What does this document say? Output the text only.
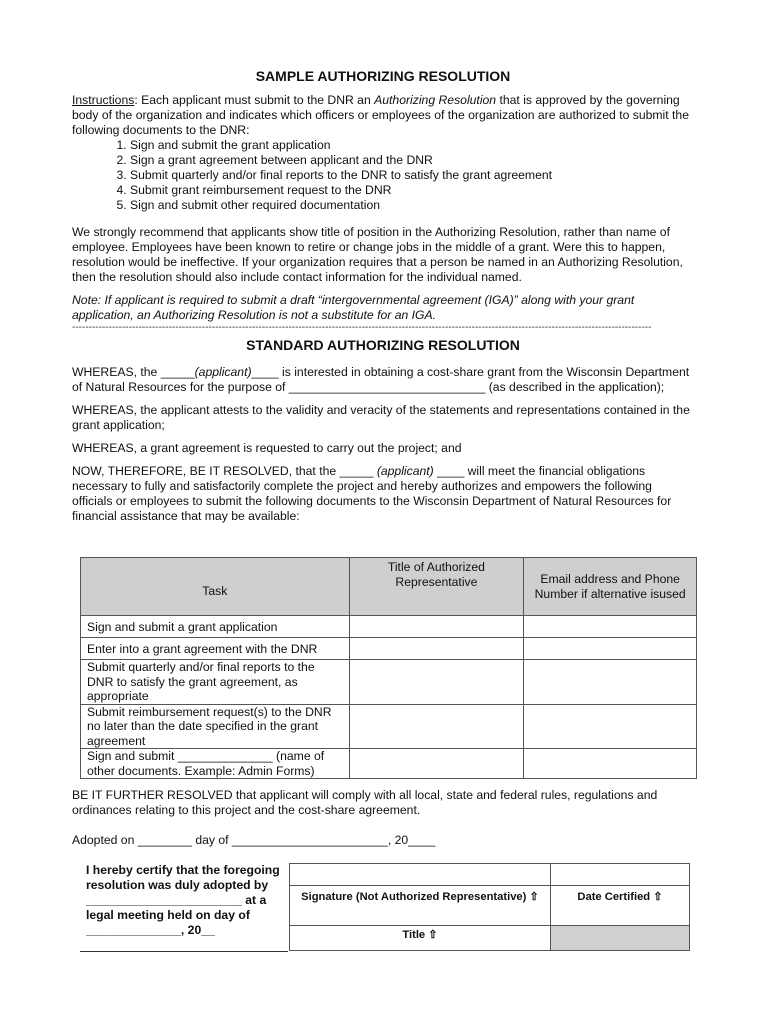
SAMPLE AUTHORIZING RESOLUTION

Instructions: Each applicant must submit to the DNR an Authorizing Resolution that is approved by the governing body of the organization and indicates which officers or employees of the organization are authorized to submit the following documents to the DNR:

1. Sign and submit the grant application
2. Sign a grant agreement between applicant and the DNR
3. Submit quarterly and/or final reports to the DNR to satisfy the grant agreement
4. Submit grant reimbursement request to the DNR
5. Sign and submit other required documentation

We strongly recommend that applicants show title of position in the Authorizing Resolution, rather than name of employee. Employees have been known to retire or change jobs in the middle of a grant. Were this to happen, resolution would be ineffective. If your organization requires that a person be named in an Authorizing Resolution, then the resolution should also include contact information for the individual named.

Note: If applicant is required to submit a draft “intergovernmental agreement (IGA)” along with your grant application, an Authorizing Resolution is not a substitute for an IGA.

------------------------------------------------------------------------------------------------------------------------------------------------------------------------------
STANDARD AUTHORIZING RESOLUTION

WHEREAS, the _____(applicant)____ is interested in obtaining a cost-share grant from the Wisconsin Department of Natural Resources for the purpose of _____________________________ (as described in the application);

WHEREAS, the applicant attests to the validity and veracity of the statements and representations contained in the grant application;

WHEREAS, a grant agreement is requested to carry out the project; and

NOW, THEREFORE, BE IT RESOLVED, that the _____ (applicant) ____ will meet the financial obligations necessary to fully and satisfactorily complete the project and hereby authorizes and empowers the following officials or employees to submit the following documents to the Wisconsin Department of Natural Resources for financial assistance that may be available:

Task	Title of Authorized Representative	Email address and Phone Number if alternative isused
Sign and submit a grant application		
Enter into a grant agreement with the DNR		
Submit quarterly and/or final reports to the DNR to satisfy the grant agreement, as appropriate		
Submit reimbursement request(s) to the DNR no later than the date specified in the grant agreement		
Sign and submit ______________ (name of other documents. Example: Admin Forms)		

BE IT FURTHER RESOLVED that applicant will comply with all local, state and federal rules, regulations and ordinances relating to this project and the cost-share agreement.

Adopted on ________ day of _______________________, 20____

I hereby certify that the foregoing resolution was duly adopted by _______________________ at a legal meeting held on day of ______________, 20__

Signature (Not Authorized Representative) ⇧	Date Certified ⇧
Title ⇧	
